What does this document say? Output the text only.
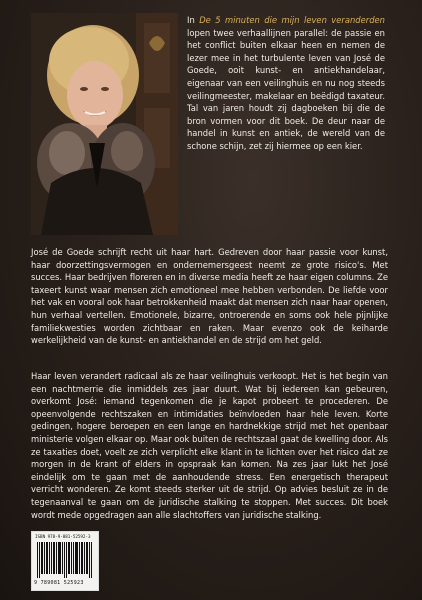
In De 5 minuten die mijn leven veranderden lopen twee verhaallijnen parallel: de passie en het conflict buiten elkaar heen en nemen de lezer mee in het turbulente leven van José de Goede, ooit kunst- en antiekhandelaar, eigenaar van een veilinghuis en nu nog steeds veilingmeester, makelaar en beëdigd taxateur. Tal van jaren houdt zij dagboeken bij die de bron vormen voor dit boek. De deur naar de handel in kunst en antiek, de wereld van de schone schijn, zet zij hiermee op een kier.
José de Goede schrijft recht uit haar hart. Gedreven door haar passie voor kunst, haar doorzettingsvermogen en ondernemersgeest neemt ze grote risico's. Met succes. Haar bedrijven floreren en in diverse media heeft ze haar eigen columns. Ze taxeert kunst waar mensen zich emotioneel mee hebben verbonden. De liefde voor het vak en vooral ook haar betrokkenheid maakt dat mensen zich naar haar openen, hun verhaal vertellen. Emotionele, bizarre, ontroerende en soms ook hele pijnlijke familiekwesties worden zichtbaar en raken. Maar evenzo ook de keiharde werkelijkheid van de kunst- en antiekhandel en de strijd om het geld.
Haar leven verandert radicaal als ze haar veilinghuis verkoopt. Het is het begin van een nachtmerrie die inmiddels zes jaar duurt. Wat bij iedereen kan gebeuren, overkomt José: iemand tegenkomen die je kapot probeert te procederen. De opeenvolgende rechtszaken en intimidaties beïnvloeden haar hele leven. Korte gedingen, hogere beroepen en een lange en hardnekkige strijd met het openbaar ministerie volgen elkaar op. Maar ook buiten de rechtszaal gaat de kwelling door. Als ze taxaties doet, voelt ze zich verplicht elke klant in te lichten over het risico dat ze morgen in de krant of elders in opspraak kan komen. Na zes jaar lukt het José eindelijk om te gaan met de aanhoudende stress. Een energetisch therapeut verricht wonderen. Ze komt steeds sterker uit de strijd. Op advies besluit ze in de tegenaanval te gaan om de juridische stalking te stoppen. Met succes. Dit boek wordt mede opgedragen aan alle slachtoffers van juridische stalking.
ISBN 978-9-081-52592-3
9 789081 525923
